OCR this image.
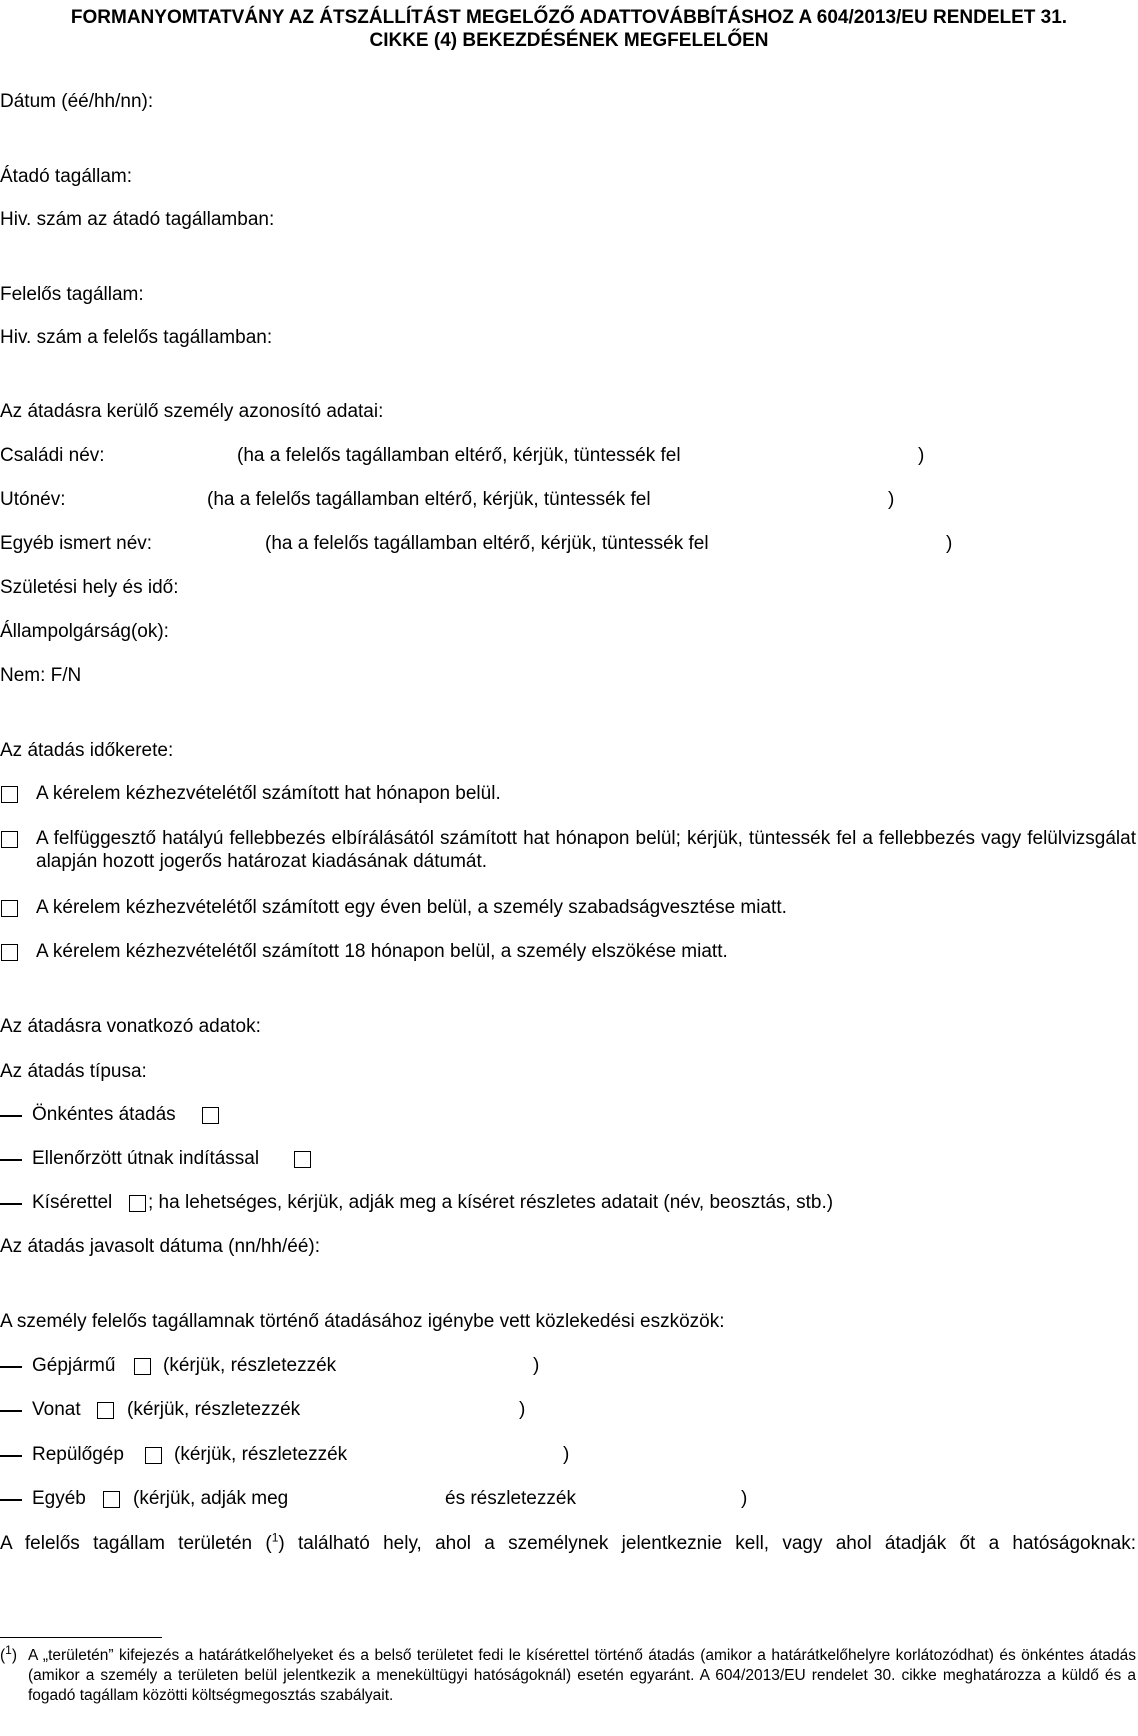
FORMANYOMTATVÁNY AZ ÁTSZÁLLÍTÁST MEGELŐZŐ ADATTOVÁBBÍTÁSHOZ A 604/2013/EU RENDELET 31.
CIKKE (4) BEKEZDÉSÉNEK MEGFELELŐEN
Dátum (éé/hh/nn):
Átadó tagállam:
Hiv. szám az átadó tagállamban:
Felelős tagállam:
Hiv. szám a felelős tagállamban:
Az átadásra kerülő személy azonosító adatai:
Családi név:	(ha a felelős tagállamban eltérő, kérjük, tüntessék fel	)
Utónév:	(ha a felelős tagállamban eltérő, kérjük, tüntessék fel	)
Egyéb ismert név:	(ha a felelős tagállamban eltérő, kérjük, tüntessék fel	)
Születési hely és idő:
Állampolgárság(ok):
Nem: F/N
Az átadás időkerete:
A kérelem kézhezvételétől számított hat hónapon belül.
A felfüggesztő hatályú fellebbezés elbírálásától számított hat hónapon belül; kérjük, tüntessék fel a fellebbezés vagy felülvizsgálat alapján hozott jogerős határozat kiadásának dátumát.
A kérelem kézhezvételétől számított egy éven belül, a személy szabadságvesztése miatt.
A kérelem kézhezvételétől számított 18 hónapon belül, a személy elszökése miatt.
Az átadásra vonatkozó adatok:
Az átadás típusa:
Önkéntes átadás
Ellenőrzött útnak indítással
Kísérettel ; ha lehetséges, kérjük, adják meg a kíséret részletes adatait (név, beosztás, stb.)
Az átadás javasolt dátuma (nn/hh/éé):
A személy felelős tagállamnak történő átadásához igénybe vett közlekedési eszközök:
Gépjármű	(kérjük, részletezzék	)
Vonat (kérjük, részletezzék	)
Repülőgép	(kérjük, részletezzék	)
Egyéb (kérjük, adják meg	és részletezzék	)
A felelős tagállam területén ($^1$) található hely, ahol a személynek jelentkeznie kell, vagy ahol átadják őt a hatóságoknak:
($^1$) A „területén” kifejezés a határátkelőhelyeket és a belső területet fedi le kísérettel történő átadás (amikor a határátkelőhelyre korlátozódhat) és önkéntes átadás (amikor a személy a területen belül jelentkezik a menekültügyi hatóságoknál) esetén egyaránt. A 604/2013/EU rendelet 30. cikke meghatározza a küldő és a fogadó tagállam közötti költségmegosztás szabályait.
